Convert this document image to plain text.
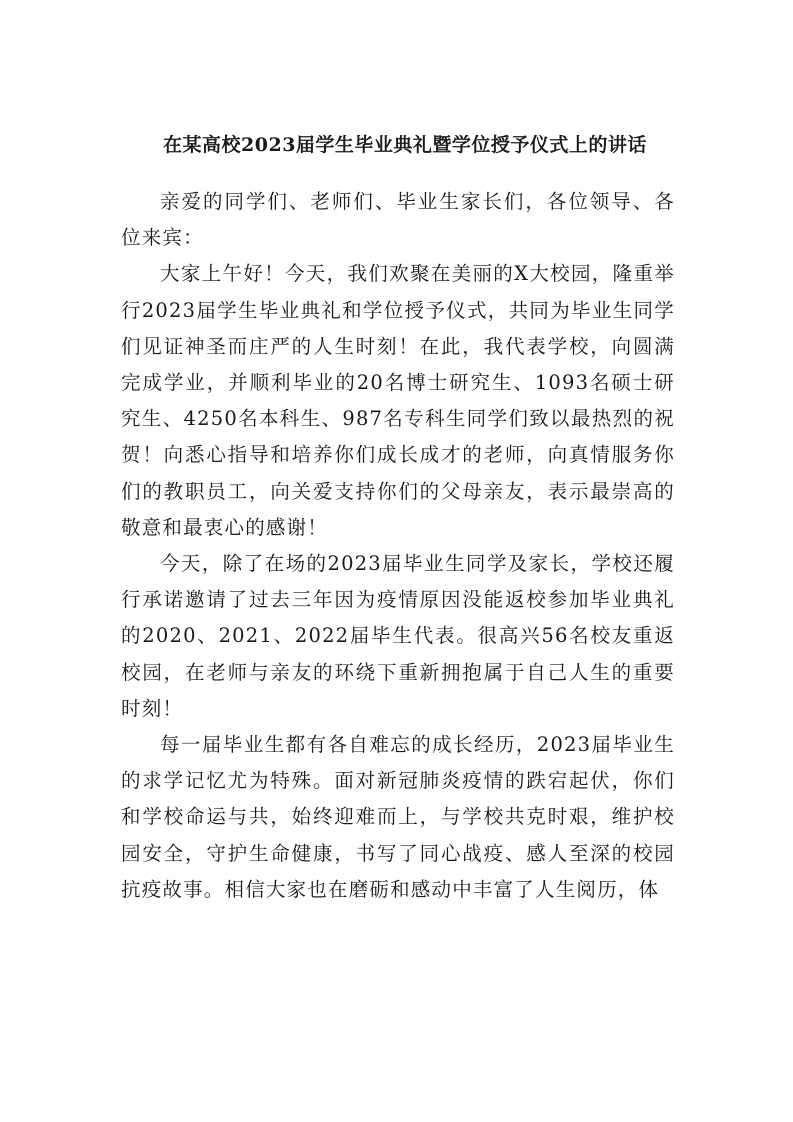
在某高校2023届学生毕业典礼暨学位授予仪式上的讲话

亲爱的同学们、老师们、毕业生家长们，各位领导、各位来宾：

大家上午好！今天，我们欢聚在美丽的X大校园，隆重举行2023届学生毕业典礼和学位授予仪式，共同为毕业生同学们见证神圣而庄严的人生时刻！在此，我代表学校，向圆满完成学业，并顺利毕业的20名博士研究生、1093名硕士研究生、4250名本科生、987名专科生同学们致以最热烈的祝贺！向悉心指导和培养你们成长成才的老师，向真情服务你们的教职员工，向关爱支持你们的父母亲友，表示最崇高的敬意和最衷心的感谢！

今天，除了在场的2023届毕业生同学及家长，学校还履行承诺邀请了过去三年因为疫情原因没能返校参加毕业典礼的2020、2021、2022届毕生代表。很高兴56名校友重返校园，在老师与亲友的环绕下重新拥抱属于自己人生的重要时刻！

每一届毕业生都有各自难忘的成长经历，2023届毕业生的求学记忆尤为特殊。面对新冠肺炎疫情的跌宕起伏，你们和学校命运与共，始终迎难而上，与学校共克时艰，维护校园安全，守护生命健康，书写了同心战疫、感人至深的校园抗疫故事。相信大家也在磨砺和感动中丰富了人生阅历，体
